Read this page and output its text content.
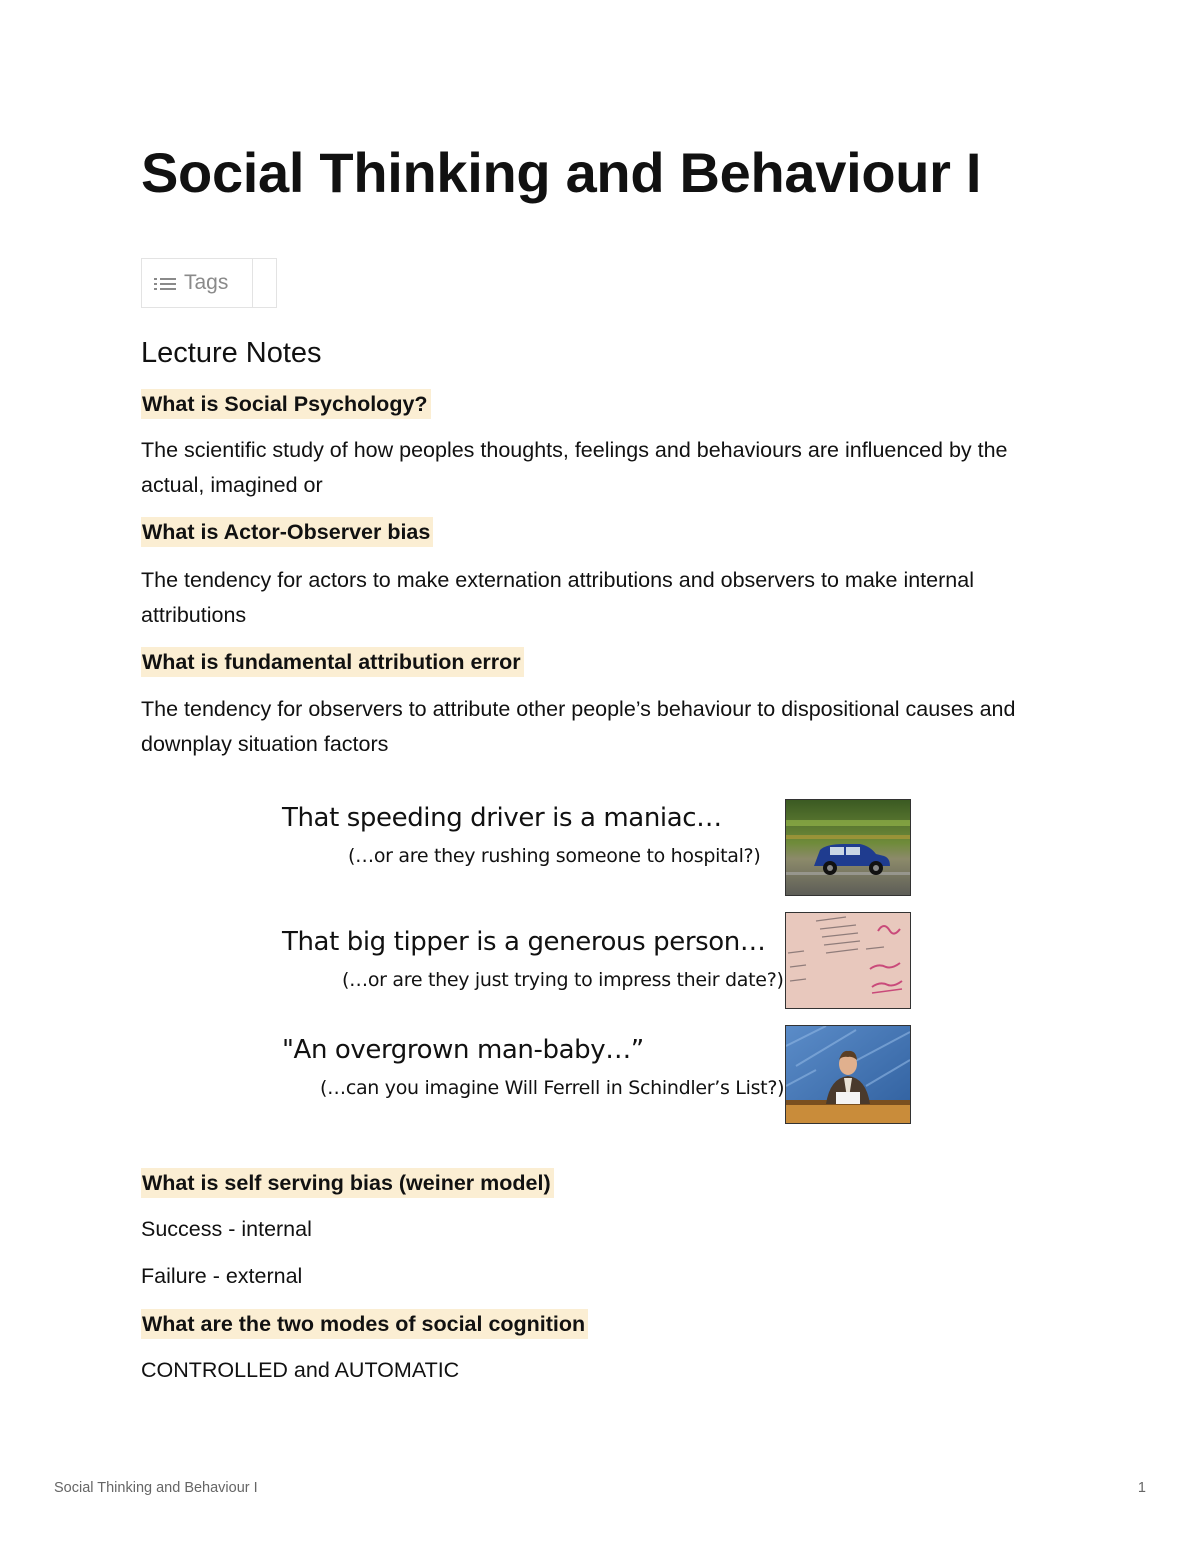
Social Thinking and Behaviour I
Tags
Lecture Notes

What is Social Psychology?

The scientific study of how peoples thoughts, feelings and behaviours are influenced by the actual, imagined or

What is Actor-Observer bias

The tendency for actors to make externation attributions and observers to make internal attributions

What is fundamental attribution error

The tendency for observers to attribute other people’s behaviour to dispositional causes and downplay situation factors

That speeding driver is a maniac…

(…or are they rushing someone to hospital?)

That big tipper is a generous person…

(…or are they just trying to impress their date?)

"An overgrown man-baby…”

(…can you imagine Will Ferrell in Schindler’s List?)

What is self serving bias (weiner model)

Success - internal

Failure - external

What are the two modes of social cognition

CONTROLLED and AUTOMATIC

Social Thinking and Behaviour I	1
